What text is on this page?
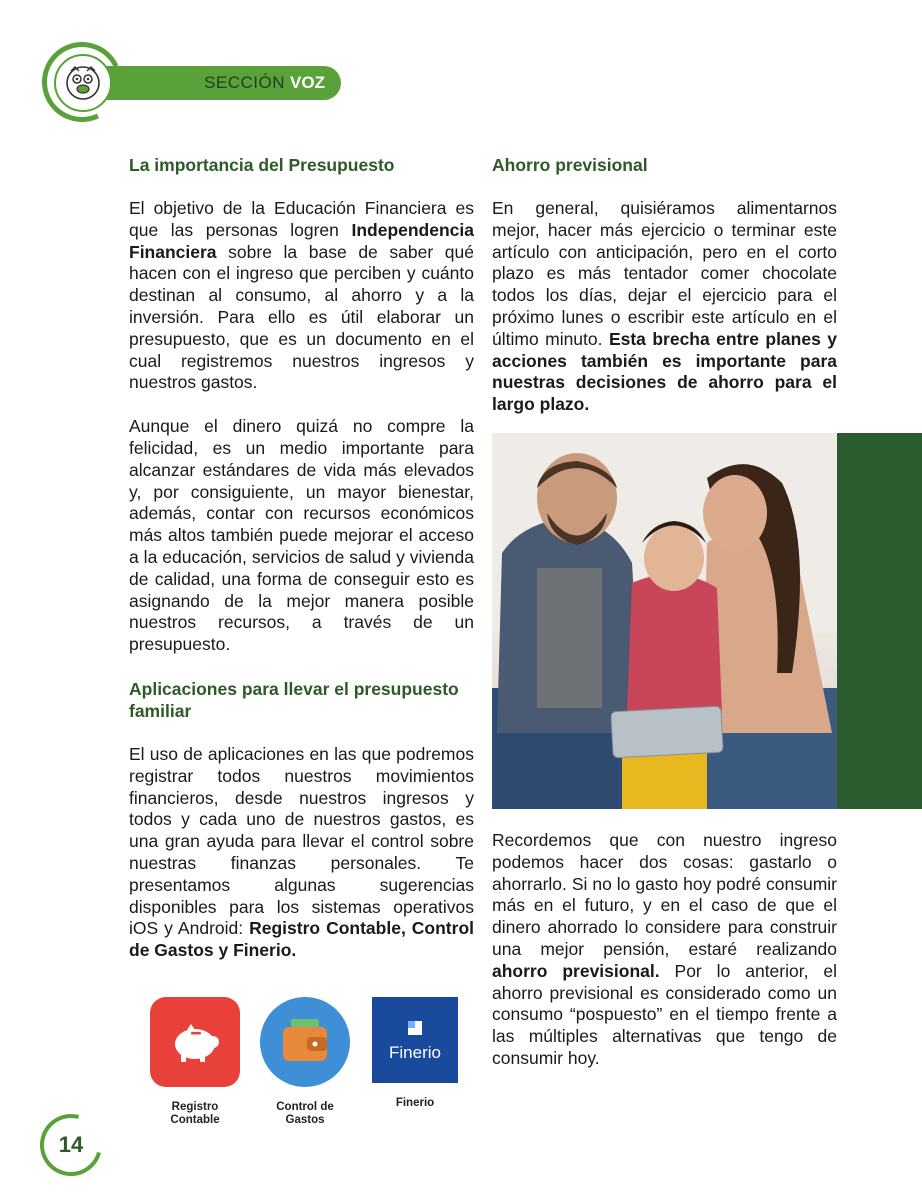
SECCIÓN VOZ
La importancia del Presupuesto

El objetivo de la Educación Financiera es que las personas logren Independencia Financiera sobre la base de saber qué hacen con el ingreso que perciben y cuánto destinan al consumo, al ahorro y a la inversión. Para ello es útil elaborar un presupuesto, que es un documento en el cual registremos nuestros ingresos y nuestros gastos.

Aunque el dinero quizá no compre la felicidad, es un medio importante para alcanzar estándares de vida más elevados y, por consiguiente, un mayor bienestar, además, contar con recursos económicos más altos también puede mejorar el acceso a la educación, servicios de salud y vivienda de calidad, una forma de conseguir esto es asignando de la mejor manera posible nuestros recursos, a través de un presupuesto.

Aplicaciones para llevar el presupuesto familiar

El uso de aplicaciones en las que podremos registrar todos nuestros movimientos financieros, desde nuestros ingresos y todos y cada uno de nuestros gastos, es una gran ayuda para llevar el control sobre nuestras finanzas personales. Te presentamos algunas sugerencias disponibles para los sistemas operativos iOS y Android: Registro Contable, Control de Gastos y Finerio.

Ahorro previsional

En general, quisiéramos alimentarnos mejor, hacer más ejercicio o terminar este artículo con anticipación, pero en el corto plazo es más tentador comer chocolate todos los días, dejar el ejercicio para el próximo lunes o escribir este artículo en el último minuto. Esta brecha entre planes y acciones también es importante para nuestras decisiones de ahorro para el largo plazo.

Recordemos que con nuestro ingreso podemos hacer dos cosas: gastarlo o ahorrarlo. Si no lo gasto hoy podré consumir más en el futuro, y en el caso de que el dinero ahorrado lo considere para construir una mejor pensión, estaré realizando ahorro previsional. Por lo anterior, el ahorro previsional es considerado como un consumo “pospuesto” en el tiempo frente a las múltiples alternativas que tengo de consumir hoy.

Registro
Contable
Control de
Gastos
Finerio
Finerio
14
